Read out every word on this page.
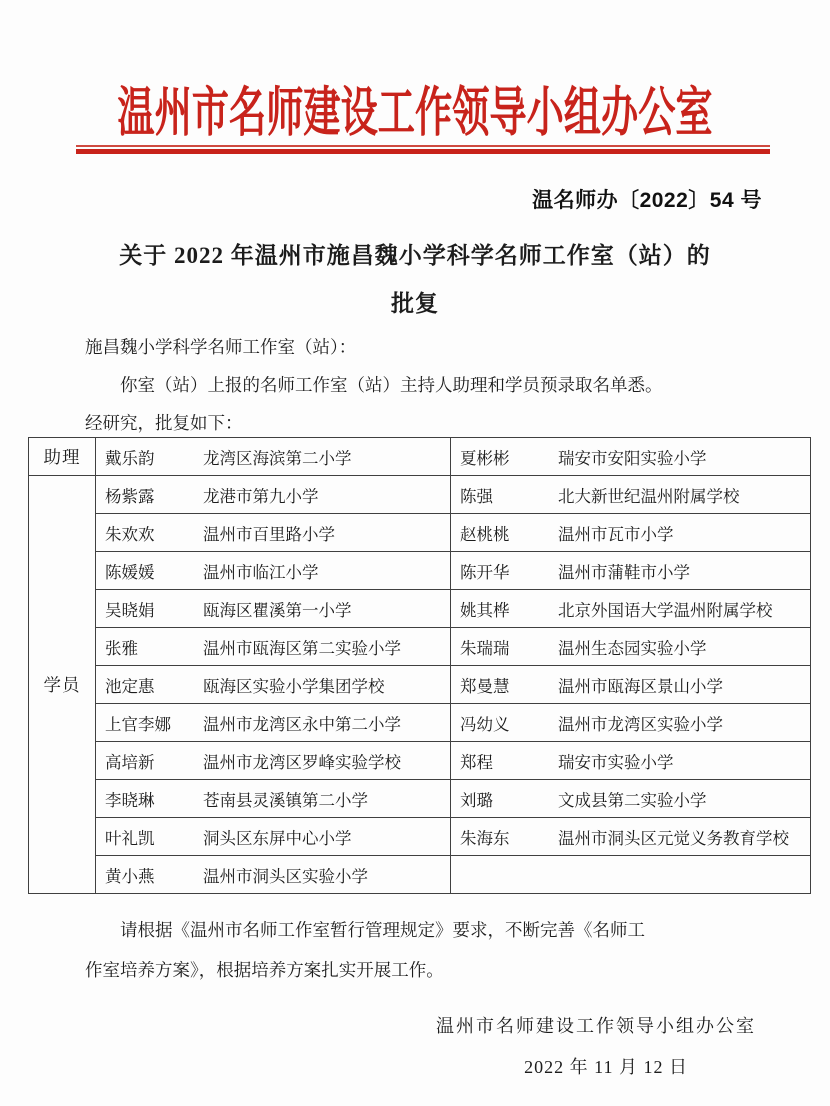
温州市名师建设工作领导小组办公室
温名师办〔2022〕54 号
关于 2022 年温州市施昌魏小学科学名师工作室（站）的
批复

施昌魏小学科学名师工作室（站）：

你室（站）上报的名师工作室（站）主持人助理和学员预录取名单悉。

经研究，批复如下：

助理	戴乐韵 龙湾区海滨第二小学	夏彬彬 瑞安市安阳实验小学
学员	杨紫露 龙港市第九小学	陈强 北大新世纪温州附属学校
	朱欢欢 温州市百里路小学	赵桃桃 温州市瓦市小学
	陈媛媛 温州市临江小学	陈开华 温州市蒲鞋市小学
	吴晓娟 瓯海区瞿溪第一小学	姚其桦 北京外国语大学温州附属学校
	张雅 温州市瓯海区第二实验小学	朱瑞瑞 温州生态园实验小学
	池定惠 瓯海区实验小学集团学校	郑曼慧 温州市瓯海区景山小学
	上官李娜 温州市龙湾区永中第二小学	冯幼义 温州市龙湾区实验小学
	高培新 温州市龙湾区罗峰实验学校	郑程 瑞安市实验小学
	李晓琳 苍南县灵溪镇第二小学	刘璐 文成县第二实验小学
	叶礼凯 洞头区东屏中心小学	朱海东 温州市洞头区元觉义务教育学校
	黄小燕 温州市洞头区实验小学	

请根据《温州市名师工作室暂行管理规定》要求，不断完善《名师工

作室培养方案》，根据培养方案扎实开展工作。

温州市名师建设工作领导小组办公室
2022 年 11 月 12 日
